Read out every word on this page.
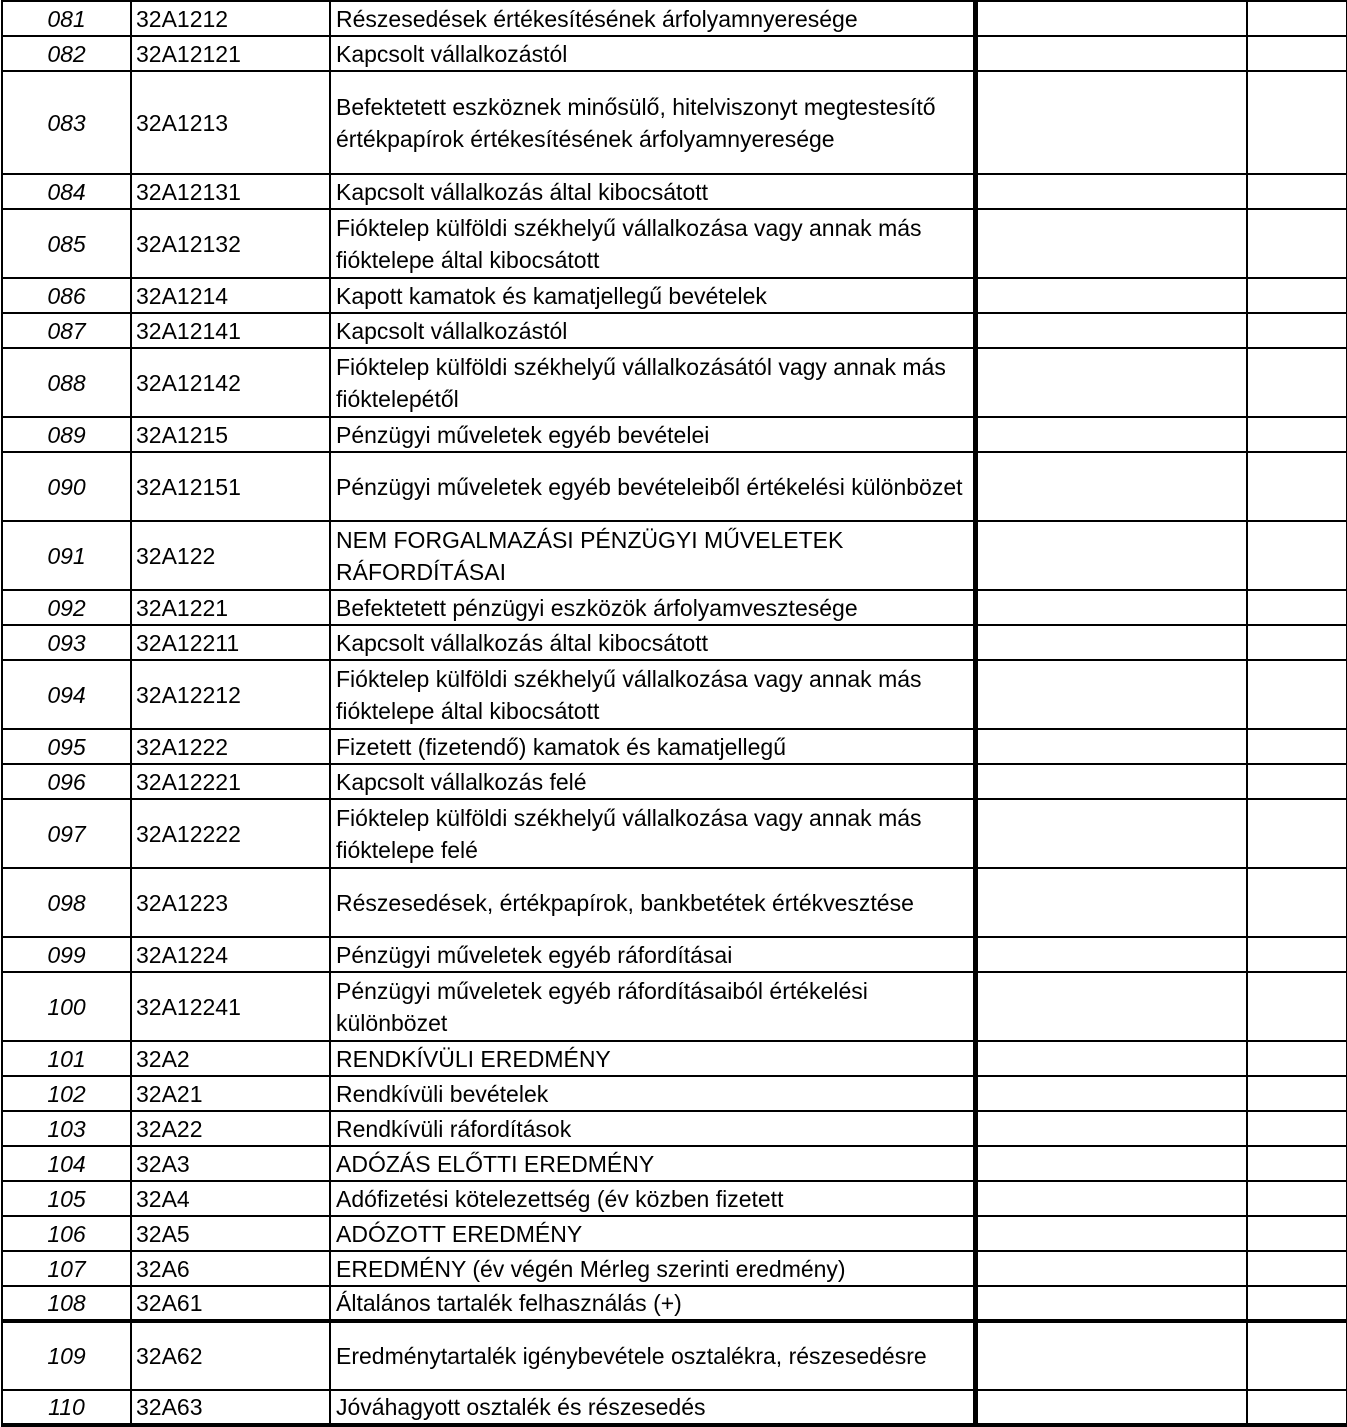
081	32A1212	Részesedések értékesítésének árfolyamnyeresége		
082	32A12121	Kapcsolt vállalkozástól		
083	32A1213	Befektetett eszköznek minősülő, hitelviszonyt megtestesítő értékpapírok értékesítésének árfolyamnyeresége		
084	32A12131	Kapcsolt vállalkozás által kibocsátott		
085	32A12132	Fióktelep külföldi székhelyű vállalkozása vagy annak más fióktelepe által kibocsátott		
086	32A1214	Kapott kamatok és kamatjellegű bevételek		
087	32A12141	Kapcsolt vállalkozástól		
088	32A12142	Fióktelep külföldi székhelyű vállalkozásától vagy annak más fióktelepétől		
089	32A1215	Pénzügyi műveletek egyéb bevételei		
090	32A12151	Pénzügyi műveletek egyéb bevételeiből értékelési különbözet		
091	32A122	NEM FORGALMAZÁSI PÉNZÜGYI MŰVELETEK RÁFORDÍTÁSAI		
092	32A1221	Befektetett pénzügyi eszközök árfolyamvesztesége		
093	32A12211	Kapcsolt vállalkozás által kibocsátott		
094	32A12212	Fióktelep külföldi székhelyű vállalkozása vagy annak más fióktelepe által kibocsátott		
095	32A1222	Fizetett (fizetendő) kamatok és kamatjellegű		
096	32A12221	Kapcsolt vállalkozás felé		
097	32A12222	Fióktelep külföldi székhelyű vállalkozása vagy annak más fióktelepe felé		
098	32A1223	Részesedések, értékpapírok, bankbetétek értékvesztése		
099	32A1224	Pénzügyi műveletek egyéb ráfordításai		
100	32A12241	Pénzügyi műveletek egyéb ráfordításaiból értékelési különbözet		
101	32A2	RENDKÍVÜLI EREDMÉNY		
102	32A21	Rendkívüli bevételek		
103	32A22	Rendkívüli ráfordítások		
104	32A3	ADÓZÁS ELŐTTI EREDMÉNY		
105	32A4	Adófizetési kötelezettség (év közben fizetett		
106	32A5	ADÓZOTT EREDMÉNY		
107	32A6	EREDMÉNY (év végén Mérleg szerinti eredmény)		
108	32A61	Általános tartalék felhasználás (+)		
109	32A62	Eredménytartalék igénybevétele osztalékra, részesedésre		
110	32A63	Jóváhagyott osztalék és részesedés		
